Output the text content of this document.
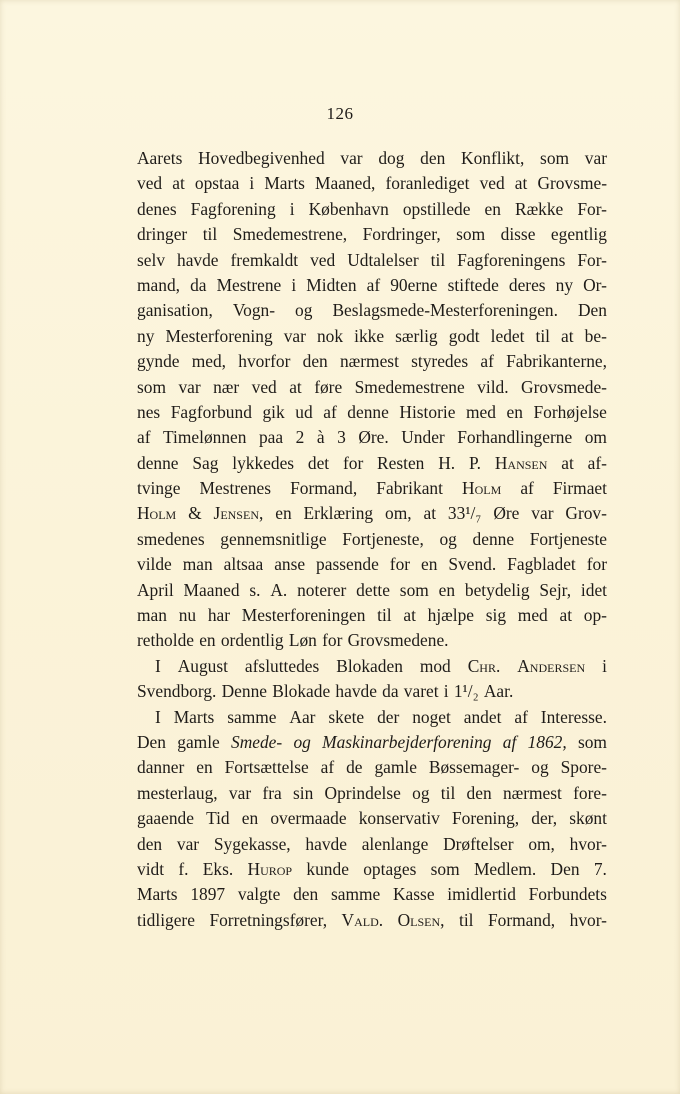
126
Aarets Hovedbegivenhed var dog den Konflikt, som var
ved at opstaa i Marts Maaned, foranlediget ved at Grovsme-
denes Fagforening i København opstillede en Række For-
dringer til Smedemestrene, Fordringer, som disse egentlig
selv havde fremkaldt ved Udtalelser til Fagforeningens For-
mand, da Mestrene i Midten af 90erne stiftede deres ny Or-
ganisation, Vogn- og Beslagsmede-Mesterforeningen. Den
ny Mesterforening var nok ikke særlig godt ledet til at be-
gynde med, hvorfor den nærmest styredes af Fabrikanterne,
som var nær ved at føre Smedemestrene vild. Grovsmede-
nes Fagforbund gik ud af denne Historie med en Forhøjelse
af Timelønnen paa 2 à 3 Øre. Under Forhandlingerne om
denne Sag lykkedes det for Resten H. P. Hansen at af-
tvinge Mestrenes Formand, Fabrikant Holm af Firmaet
Holm & Jensen, en Erklæring om, at 33¹/₇ Øre var Grov-
smedenes gennemsnitlige Fortjeneste, og denne Fortjeneste
vilde man altsaa anse passende for en Svend. Fagbladet for
April Maaned s. A. noterer dette som en betydelig Sejr, idet
man nu har Mesterforeningen til at hjælpe sig med at op-
retholde en ordentlig Løn for Grovsmedene.
I August afsluttedes Blokaden mod Chr. Andersen i
Svendborg. Denne Blokade havde da varet i 1¹/₂ Aar.
I Marts samme Aar skete der noget andet af Interesse.
Den gamle Smede- og Maskinarbejderforening af 1862, som
danner en Fortsættelse af de gamle Bøssemager- og Spore-
mesterlaug, var fra sin Oprindelse og til den nærmest fore-
gaaende Tid en overmaade konservativ Forening, der, skønt
den var Sygekasse, havde alenlange Drøftelser om, hvor-
vidt f. Eks. Hurop kunde optages som Medlem. Den 7.
Marts 1897 valgte den samme Kasse imidlertid Forbundets
tidligere Forretningsfører, Vald. Olsen, til Formand, hvor-
